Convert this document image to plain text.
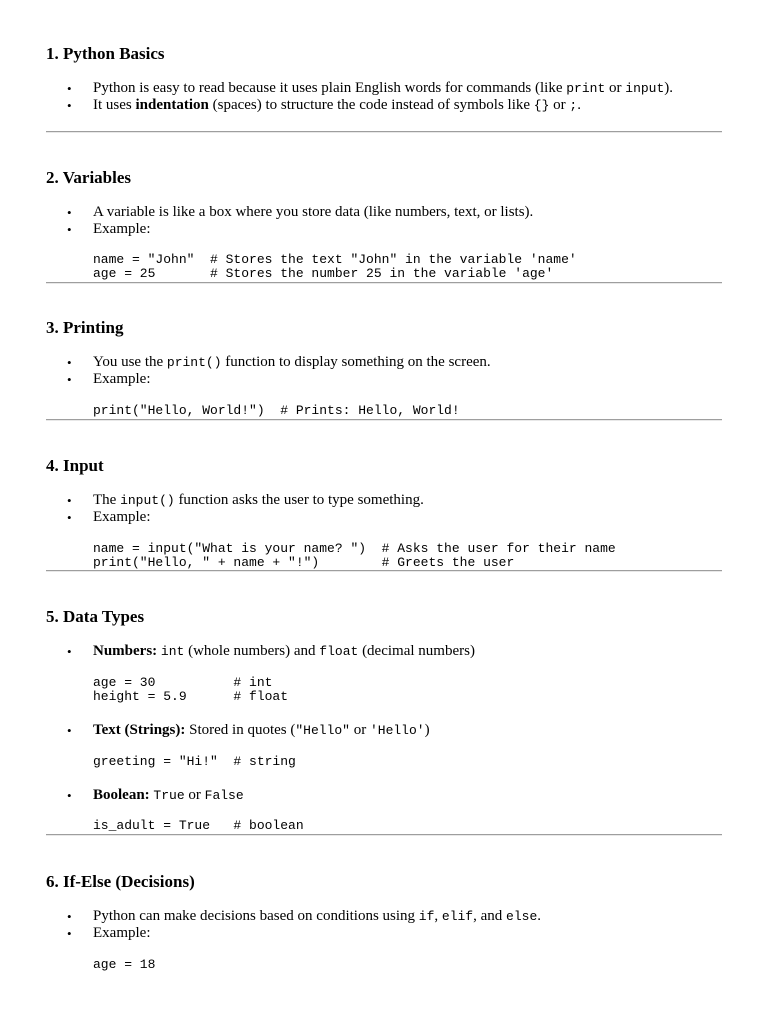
1. Python Basics
• Python is easy to read because it uses plain English words for commands (like print or input).
• It uses indentation (spaces) to structure the code instead of symbols like {} or ;.
2. Variables
• A variable is like a box where you store data (like numbers, text, or lists).
• Example:
name = "John"  # Stores the text "John" in the variable 'name'
age = 25       # Stores the number 25 in the variable 'age'
3. Printing
• You use the print() function to display something on the screen.
• Example:
print("Hello, World!")  # Prints: Hello, World!
4. Input
• The input() function asks the user to type something.
• Example:
name = input("What is your name? ")  # Asks the user for their name
print("Hello, " + name + "!")        # Greets the user
5. Data Types
• Numbers: int (whole numbers) and float (decimal numbers)
age = 30          # int
height = 5.9      # float
• Text (Strings): Stored in quotes ("Hello" or 'Hello')
greeting = "Hi!"  # string
• Boolean: True or False
is_adult = True   # boolean
6. If-Else (Decisions)
• Python can make decisions based on conditions using if, elif, and else.
• Example:
age = 18
